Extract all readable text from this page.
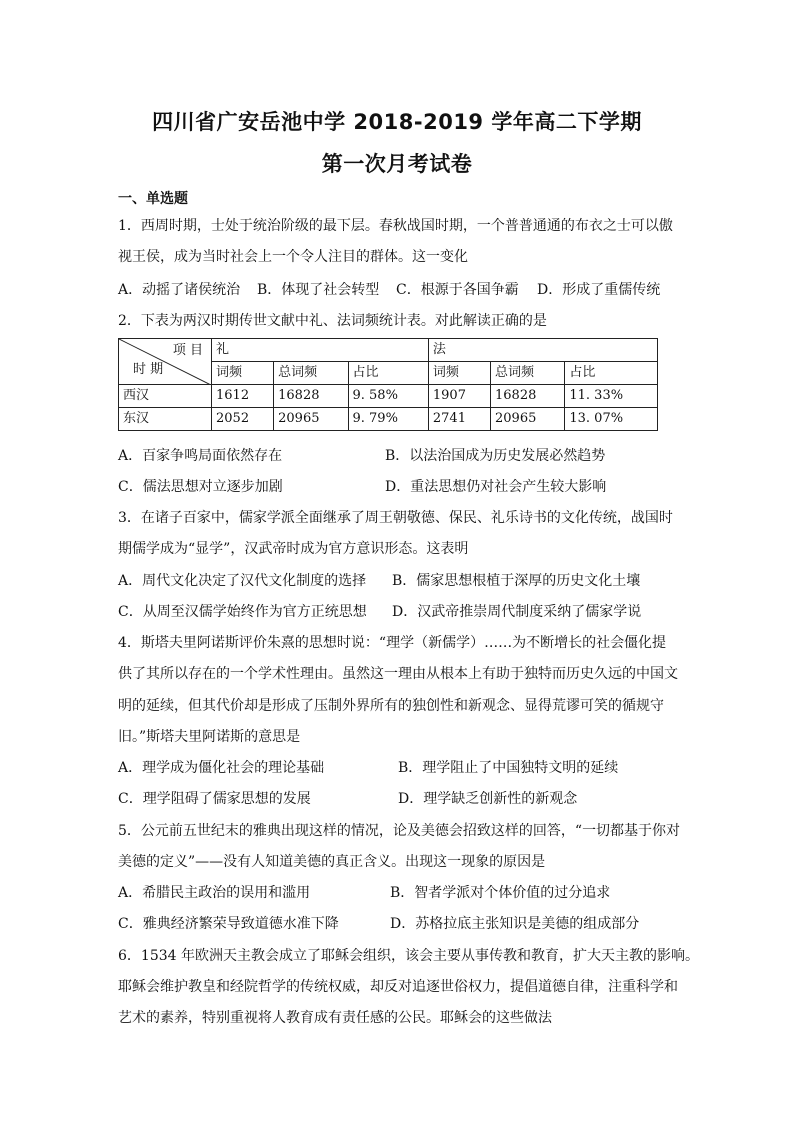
四川省广安岳池中学 2018-2019 学年高二下学期
第一次月考试卷
一、单选题
1．西周时期，士处于统治阶级的最下层。春秋战国时期，一个普普通通的布衣之士可以傲
视王侯，成为当时社会上一个令人注目的群体。这一变化
A．动摇了诸侯统治 B．体现了社会转型 C．根源于各国争霸 D．形成了重儒传统
2．下表为两汉时期传世文献中礼、法词频统计表。对此解读正确的是
项 目
时 期	礼			法		
	词频	总词频	占比	词频	总词频	占比
西汉	1612	16828	9. 58%	1907	16828	11. 33%
东汉	2052	20965	9. 79%	2741	20965	13. 07%
A．百家争鸣局面依然存在	B．以法治国成为历史发展必然趋势
C．儒法思想对立逐步加剧	D．重法思想仍对社会产生较大影响
3．在诸子百家中，儒家学派全面继承了周王朝敬德、保民、礼乐诗书的文化传统，战国时
期儒学成为“显学”，汉武帝时成为官方意识形态。这表明
A．周代文化决定了汉代文化制度的选择 B．儒家思想根植于深厚的历史文化土壤
C．从周至汉儒学始终作为官方正统思想 D．汉武帝推崇周代制度采纳了儒家学说
4．斯塔夫里阿诺斯评价朱熹的思想时说：“理学（新儒学）……为不断增长的社会僵化提
供了其所以存在的一个学术性理由。虽然这一理由从根本上有助于独特而历史久远的中国文
明的延续，但其代价却是形成了压制外界所有的独创性和新观念、显得荒谬可笑的循规守
旧。”斯塔夫里阿诺斯的意思是
A．理学成为僵化社会的理论基础	B．理学阻止了中国独特文明的延续
C．理学阻碍了儒家思想的发展	D．理学缺乏创新性的新观念
5．公元前五世纪末的雅典出现这样的情况，论及美德会招致这样的回答，“一切都基于你对
美德的定义”——没有人知道美德的真正含义。出现这一现象的原因是
A．希腊民主政治的误用和滥用	B．智者学派对个体价值的过分追求
C．雅典经济繁荣导致道德水准下降	D．苏格拉底主张知识是美德的组成部分
6．1534 年欧洲天主教会成立了耶稣会组织，该会主要从事传教和教育，扩大天主教的影响。
耶稣会维护教皇和经院哲学的传统权威，却反对追逐世俗权力，提倡道德自律，注重科学和
艺术的素养，特别重视将人教育成有责任感的公民。耶稣会的这些做法
